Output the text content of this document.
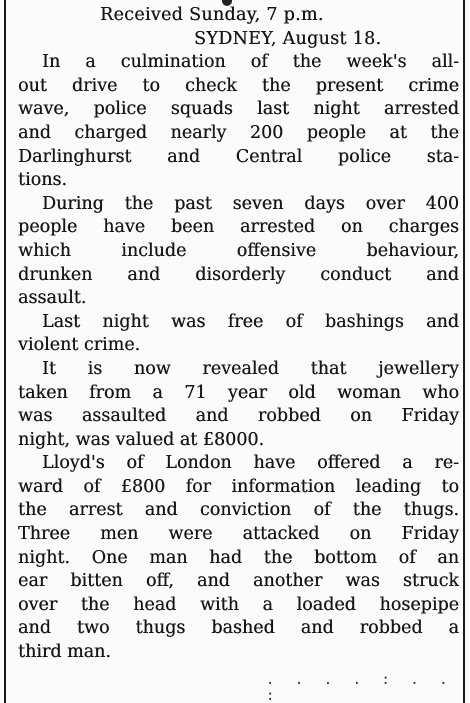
Received Sunday, 7 p.m.
SYDNEY, August 18.
In a culmination of the week's all-
out drive to check the present crime
wave, police squads last night arrested
and charged nearly 200 people at the
Darlinghurst and Central police sta-
tions.
During the past seven days over 400
people have been arrested on charges
which include offensive behaviour,
drunken and disorderly conduct and
assault.
Last night was free of bashings and
violent crime.
It is now revealed that jewellery
taken from a 71 year old woman who
was assaulted and robbed on Friday
night, was valued at £8000.
Lloyd's of London have offered a re-
ward of £800 for information leading to
the arrest and conviction of the thugs.
Three men were attacked on Friday
night. One man had the bottom of an
ear bitten off, and another was struck
over the head with a loaded hosepipe
and two thugs bashed and robbed a
third man.
. . . . : . . :
